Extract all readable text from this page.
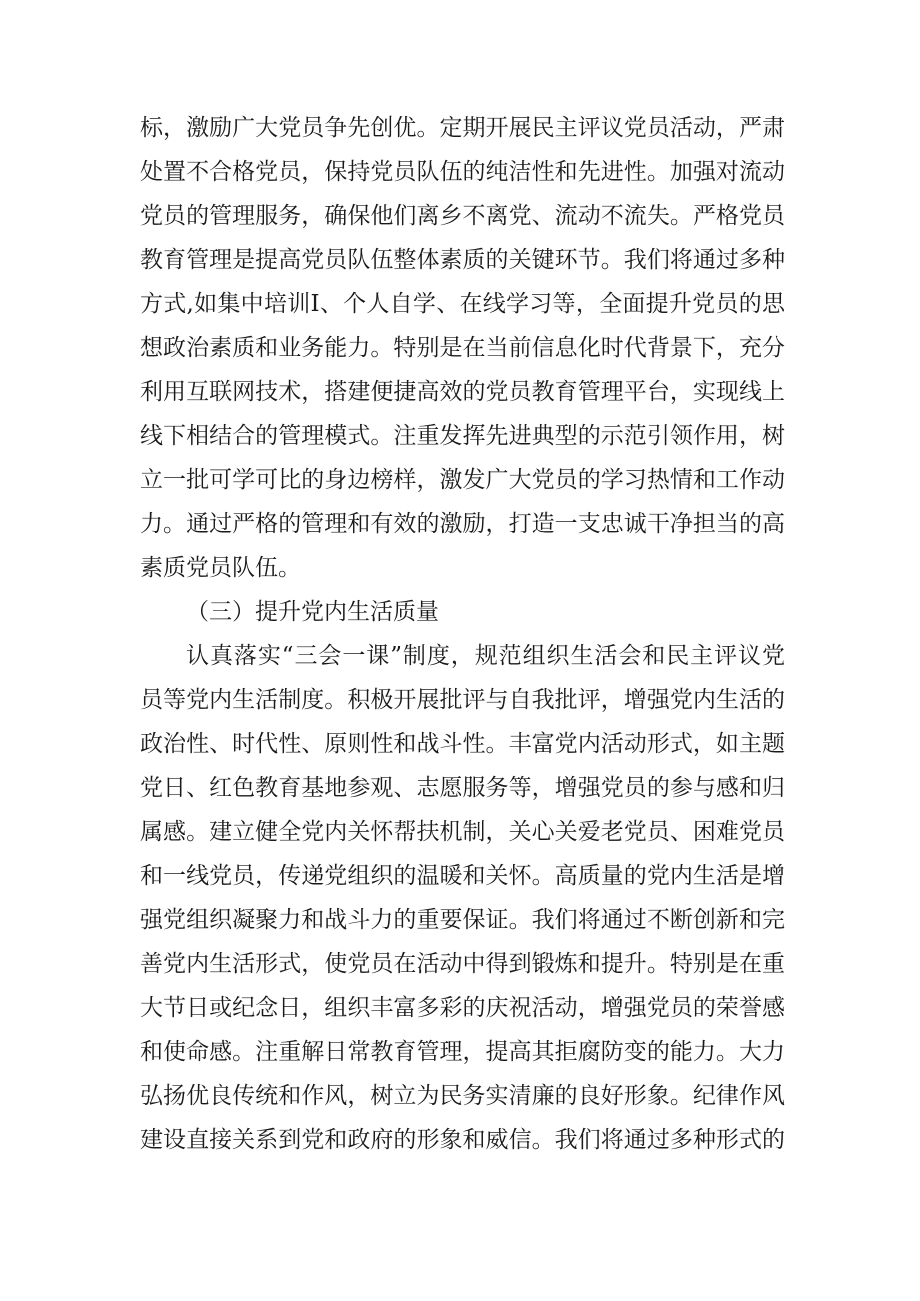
标，激励广大党员争先创优。定期开展民主评议党员活动，严肃
处置不合格党员，保持党员队伍的纯洁性和先进性。加强对流动
党员的管理服务，确保他们离乡不离党、流动不流失。严格党员
教育管理是提高党员队伍整体素质的关键环节。我们将通过多种
方式,如集中培训Ⅰ、个人自学、在线学习等，全面提升党员的思
想政治素质和业务能力。特别是在当前信息化时代背景下，充分
利用互联网技术，搭建便捷高效的党员教育管理平台，实现线上
线下相结合的管理模式。注重发挥先进典型的示范引领作用，树
立一批可学可比的身边榜样，激发广大党员的学习热情和工作动
力。通过严格的管理和有效的激励，打造一支忠诚干净担当的高
素质党员队伍。
（三）提升党内生活质量
认真落实“三会一课”制度，规范组织生活会和民主评议党
员等党内生活制度。积极开展批评与自我批评，增强党内生活的
政治性、时代性、原则性和战斗性。丰富党内活动形式，如主题
党日、红色教育基地参观、志愿服务等，增强党员的参与感和归
属感。建立健全党内关怀帮扶机制，关心关爱老党员、困难党员
和一线党员，传递党组织的温暖和关怀。高质量的党内生活是增
强党组织凝聚力和战斗力的重要保证。我们将通过不断创新和完
善党内生活形式，使党员在活动中得到锻炼和提升。特别是在重
大节日或纪念日，组织丰富多彩的庆祝活动，增强党员的荣誉感
和使命感。注重解日常教育管理，提高其拒腐防变的能力。大力
弘扬优良传统和作风，树立为民务实清廉的良好形象。纪律作风
建设直接关系到党和政府的形象和威信。我们将通过多种形式的
